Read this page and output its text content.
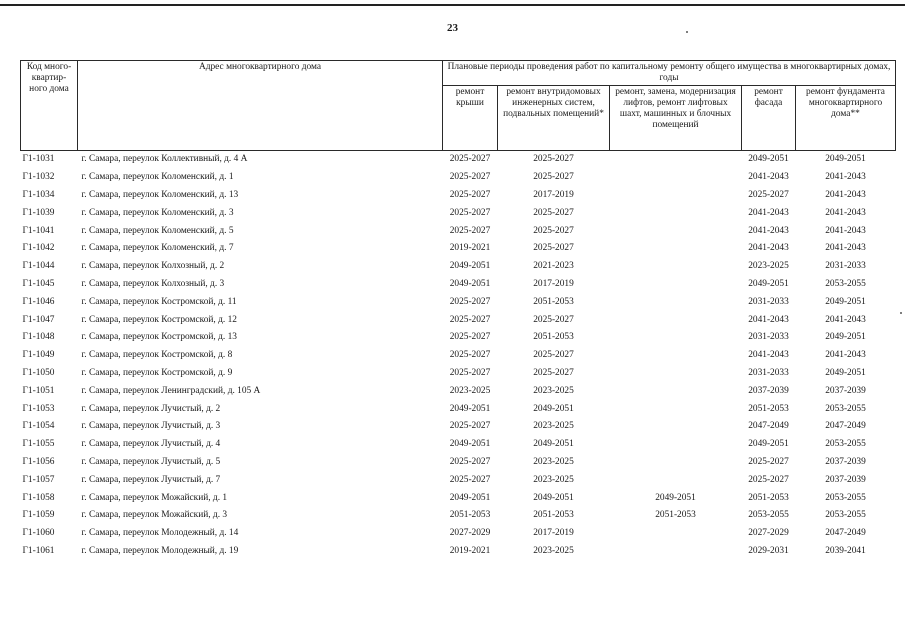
23
Код много-квартир-ного дома	Адрес многоквартирного дома	Плановые периоды проведения работ по капитальному ремонту общего имущества в многоквартирных домах, годы				
		ремонт крыши	ремонт внутридомовых инженерных систем, подвальных помещений*	ремонт, замена, модернизация лифтов, ремонт лифтовых шахт, машинных и блочных помещений	ремонт фасада	ремонт фундамента многоквартирного дома**
Г1-1031	г. Самара, переулок Коллективный, д. 4 А	2025-2027	2025-2027		2049-2051	2049-2051
Г1-1032	г. Самара, переулок Коломенский, д. 1	2025-2027	2025-2027		2041-2043	2041-2043
Г1-1034	г. Самара, переулок Коломенский, д. 13	2025-2027	2017-2019		2025-2027	2041-2043
Г1-1039	г. Самара, переулок Коломенский, д. 3	2025-2027	2025-2027		2041-2043	2041-2043
Г1-1041	г. Самара, переулок Коломенский, д. 5	2025-2027	2025-2027		2041-2043	2041-2043
Г1-1042	г. Самара, переулок Коломенский, д. 7	2019-2021	2025-2027		2041-2043	2041-2043
Г1-1044	г. Самара, переулок Колхозный, д. 2	2049-2051	2021-2023		2023-2025	2031-2033
Г1-1045	г. Самара, переулок Колхозный, д. 3	2049-2051	2017-2019		2049-2051	2053-2055
Г1-1046	г. Самара, переулок Костромской, д. 11	2025-2027	2051-2053		2031-2033	2049-2051
Г1-1047	г. Самара, переулок Костромской, д. 12	2025-2027	2025-2027		2041-2043	2041-2043
Г1-1048	г. Самара, переулок Костромской, д. 13	2025-2027	2051-2053		2031-2033	2049-2051
Г1-1049	г. Самара, переулок Костромской, д. 8	2025-2027	2025-2027		2041-2043	2041-2043
Г1-1050	г. Самара, переулок Костромской, д. 9	2025-2027	2025-2027		2031-2033	2049-2051
Г1-1051	г. Самара, переулок Ленинградский, д. 105 А	2023-2025	2023-2025		2037-2039	2037-2039
Г1-1053	г. Самара, переулок Лучистый, д. 2	2049-2051	2049-2051		2051-2053	2053-2055
Г1-1054	г. Самара, переулок Лучистый, д. 3	2025-2027	2023-2025		2047-2049	2047-2049
Г1-1055	г. Самара, переулок Лучистый, д. 4	2049-2051	2049-2051		2049-2051	2053-2055
Г1-1056	г. Самара, переулок Лучистый, д. 5	2025-2027	2023-2025		2025-2027	2037-2039
Г1-1057	г. Самара, переулок Лучистый, д. 7	2025-2027	2023-2025		2025-2027	2037-2039
Г1-1058	г. Самара, переулок Можайский, д. 1	2049-2051	2049-2051	2049-2051	2051-2053	2053-2055
Г1-1059	г. Самара, переулок Можайский, д. 3	2051-2053	2051-2053	2051-2053	2053-2055	2053-2055
Г1-1060	г. Самара, переулок Молодежный, д. 14	2027-2029	2017-2019		2027-2029	2047-2049
Г1-1061	г. Самара, переулок Молодежный, д. 19	2019-2021	2023-2025		2029-2031	2039-2041
